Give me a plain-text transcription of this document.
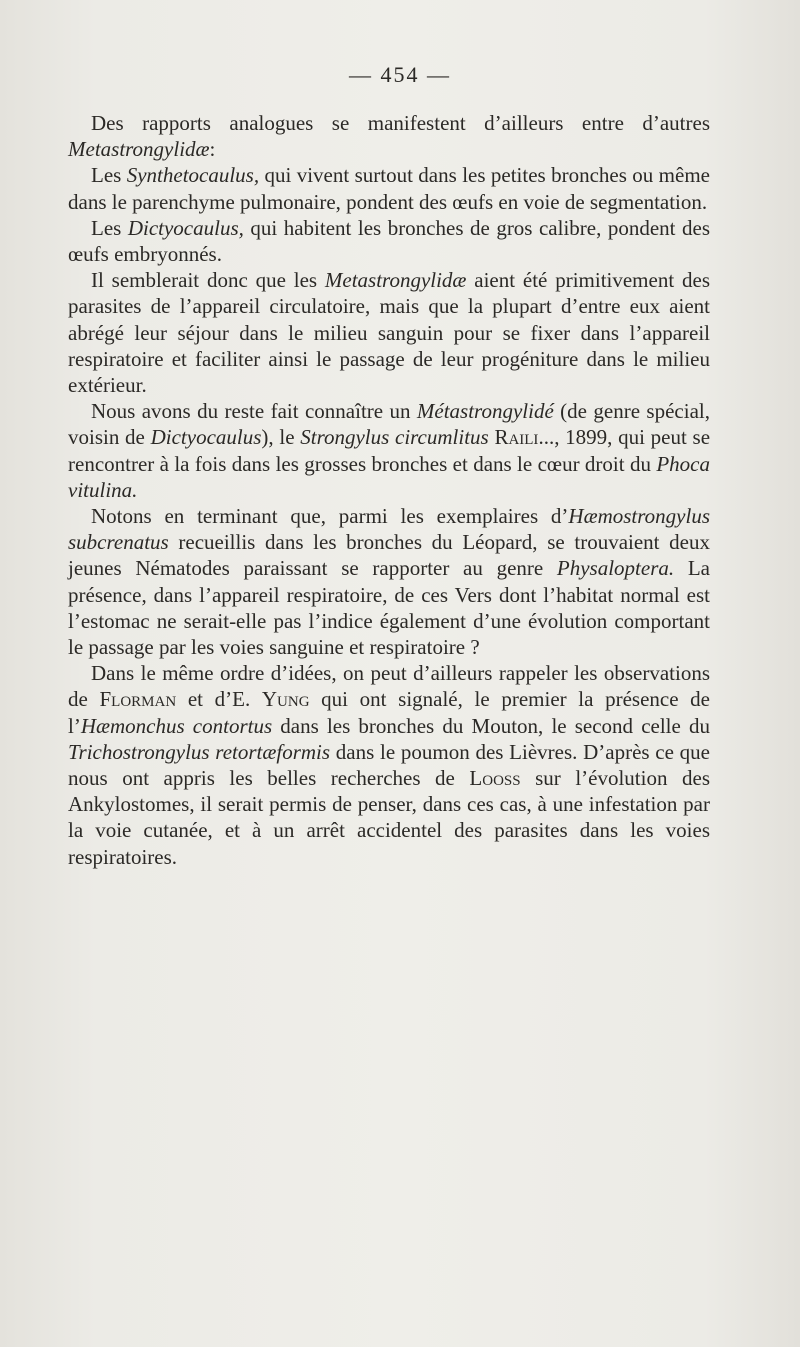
— 454 —

Des rapports analogues se manifestent d’ailleurs entre d’autres Metastrongylidæ:

Les Synthetocaulus, qui vivent surtout dans les petites bronches ou même dans le parenchyme pulmonaire, pondent des œufs en voie de segmentation.

Les Dictyocaulus, qui habitent les bronches de gros calibre, pondent des œufs embryonnés.

Il semblerait donc que les Metastrongylidæ aient été primitivement des parasites de l’appareil circulatoire, mais que la plupart d’entre eux aient abrégé leur séjour dans le milieu sanguin pour se fixer dans l’appareil respiratoire et faciliter ainsi le passage de leur progéniture dans le milieu extérieur.

Nous avons du reste fait connaître un Métastrongylidé (de genre spécial, voisin de Dictyocaulus), le Strongylus circumlitus Raili..., 1899, qui peut se rencontrer à la fois dans les grosses bronches et dans le cœur droit du Phoca vitulina.

Notons en terminant que, parmi les exemplaires d’Hæmostrongylus subcrenatus recueillis dans les bronches du Léopard, se trouvaient deux jeunes Nématodes paraissant se rapporter au genre Physaloptera. La présence, dans l’appareil respiratoire, de ces Vers dont l’habitat normal est l’estomac ne serait-elle pas l’indice également d’une évolution comportant le passage par les voies sanguine et respiratoire ?

Dans le même ordre d’idées, on peut d’ailleurs rappeler les observations de Florman et d’E. Yung qui ont signalé, le premier la présence de l’Hæmonchus contortus dans les bronches du Mouton, le second celle du Trichostrongylus retortæformis dans le poumon des Lièvres. D’après ce que nous ont appris les belles recherches de Looss sur l’évolution des Ankylostomes, il serait permis de penser, dans ces cas, à une infestation par la voie cutanée, et à un arrêt accidentel des parasites dans les voies respiratoires.
